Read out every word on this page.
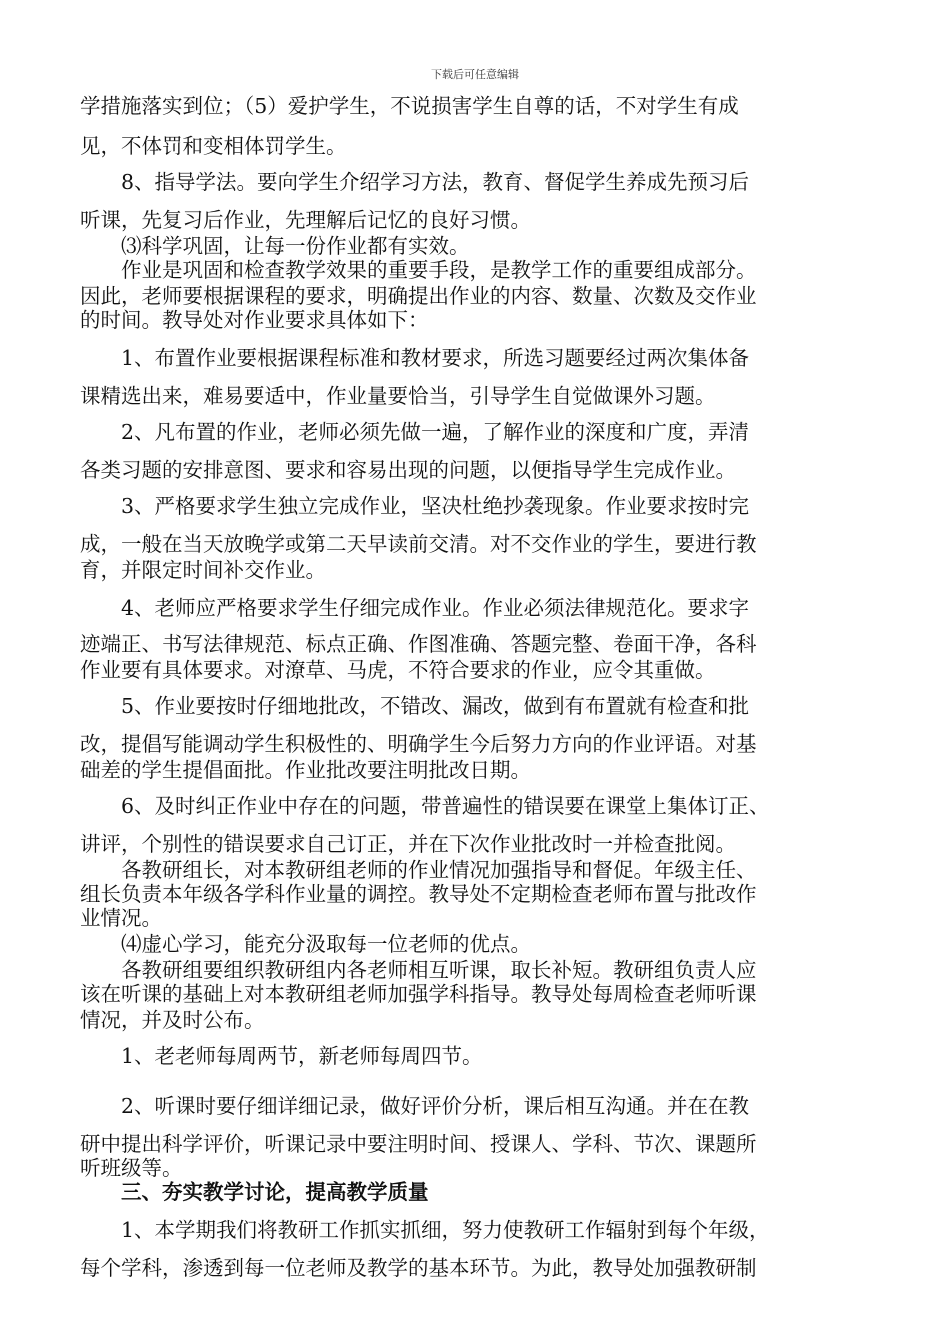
下载后可任意编辑
学措施落实到位；（5）爱护学生，不说损害学生自尊的话，不对学生有成
见，不体罚和变相体罚学生。
　　8、指导学法。要向学生介绍学习方法，教育、督促学生养成先预习后
听课，先复习后作业，先理解后记忆的良好习惯。
　　⑶科学巩固，让每一份作业都有实效。
　　作业是巩固和检查教学效果的重要手段，是教学工作的重要组成部分。
因此，老师要根据课程的要求，明确提出作业的内容、数量、次数及交作业
的时间。教导处对作业要求具体如下：
　　1、布置作业要根据课程标准和教材要求，所选习题要经过两次集体备
课精选出来，难易要适中，作业量要恰当，引导学生自觉做课外习题。
　　2、凡布置的作业，老师必须先做一遍，了解作业的深度和广度，弄清
各类习题的安排意图、要求和容易出现的问题，以便指导学生完成作业。
　　3、严格要求学生独立完成作业，坚决杜绝抄袭现象。作业要求按时完
成，一般在当天放晚学或第二天早读前交清。对不交作业的学生，要进行教
育，并限定时间补交作业。
　　4、老师应严格要求学生仔细完成作业。作业必须法律规范化。要求字
迹端正、书写法律规范、标点正确、作图准确、答题完整、卷面干净，各科
作业要有具体要求。对潦草、马虎，不符合要求的作业，应令其重做。
　　5、作业要按时仔细地批改，不错改、漏改，做到有布置就有检查和批
改，提倡写能调动学生积极性的、明确学生今后努力方向的作业评语。对基
础差的学生提倡面批。作业批改要注明批改日期。
　　6、及时纠正作业中存在的问题，带普遍性的错误要在课堂上集体订正、
讲评，个别性的错误要求自己订正，并在下次作业批改时一并检查批阅。
　　各教研组长，对本教研组老师的作业情况加强指导和督促。年级主任、
组长负责本年级各学科作业量的调控。教导处不定期检查老师布置与批改作
业情况。
　　⑷虚心学习，能充分汲取每一位老师的优点。
　　各教研组要组织教研组内各老师相互听课，取长补短。教研组负责人应
该在听课的基础上对本教研组老师加强学科指导。教导处每周检查老师听课
情况，并及时公布。
　　1、老老师每周两节，新老师每周四节。
　　2、听课时要仔细详细记录，做好评价分析，课后相互沟通。并在在教
研中提出科学评价，听课记录中要注明时间、授课人、学科、节次、课题所
听班级等。
　　三、夯实教学讨论，提高教学质量
　　1、本学期我们将教研工作抓实抓细，努力使教研工作辐射到每个年级，
每个学科，渗透到每一位老师及教学的基本环节。为此，教导处加强教研制
